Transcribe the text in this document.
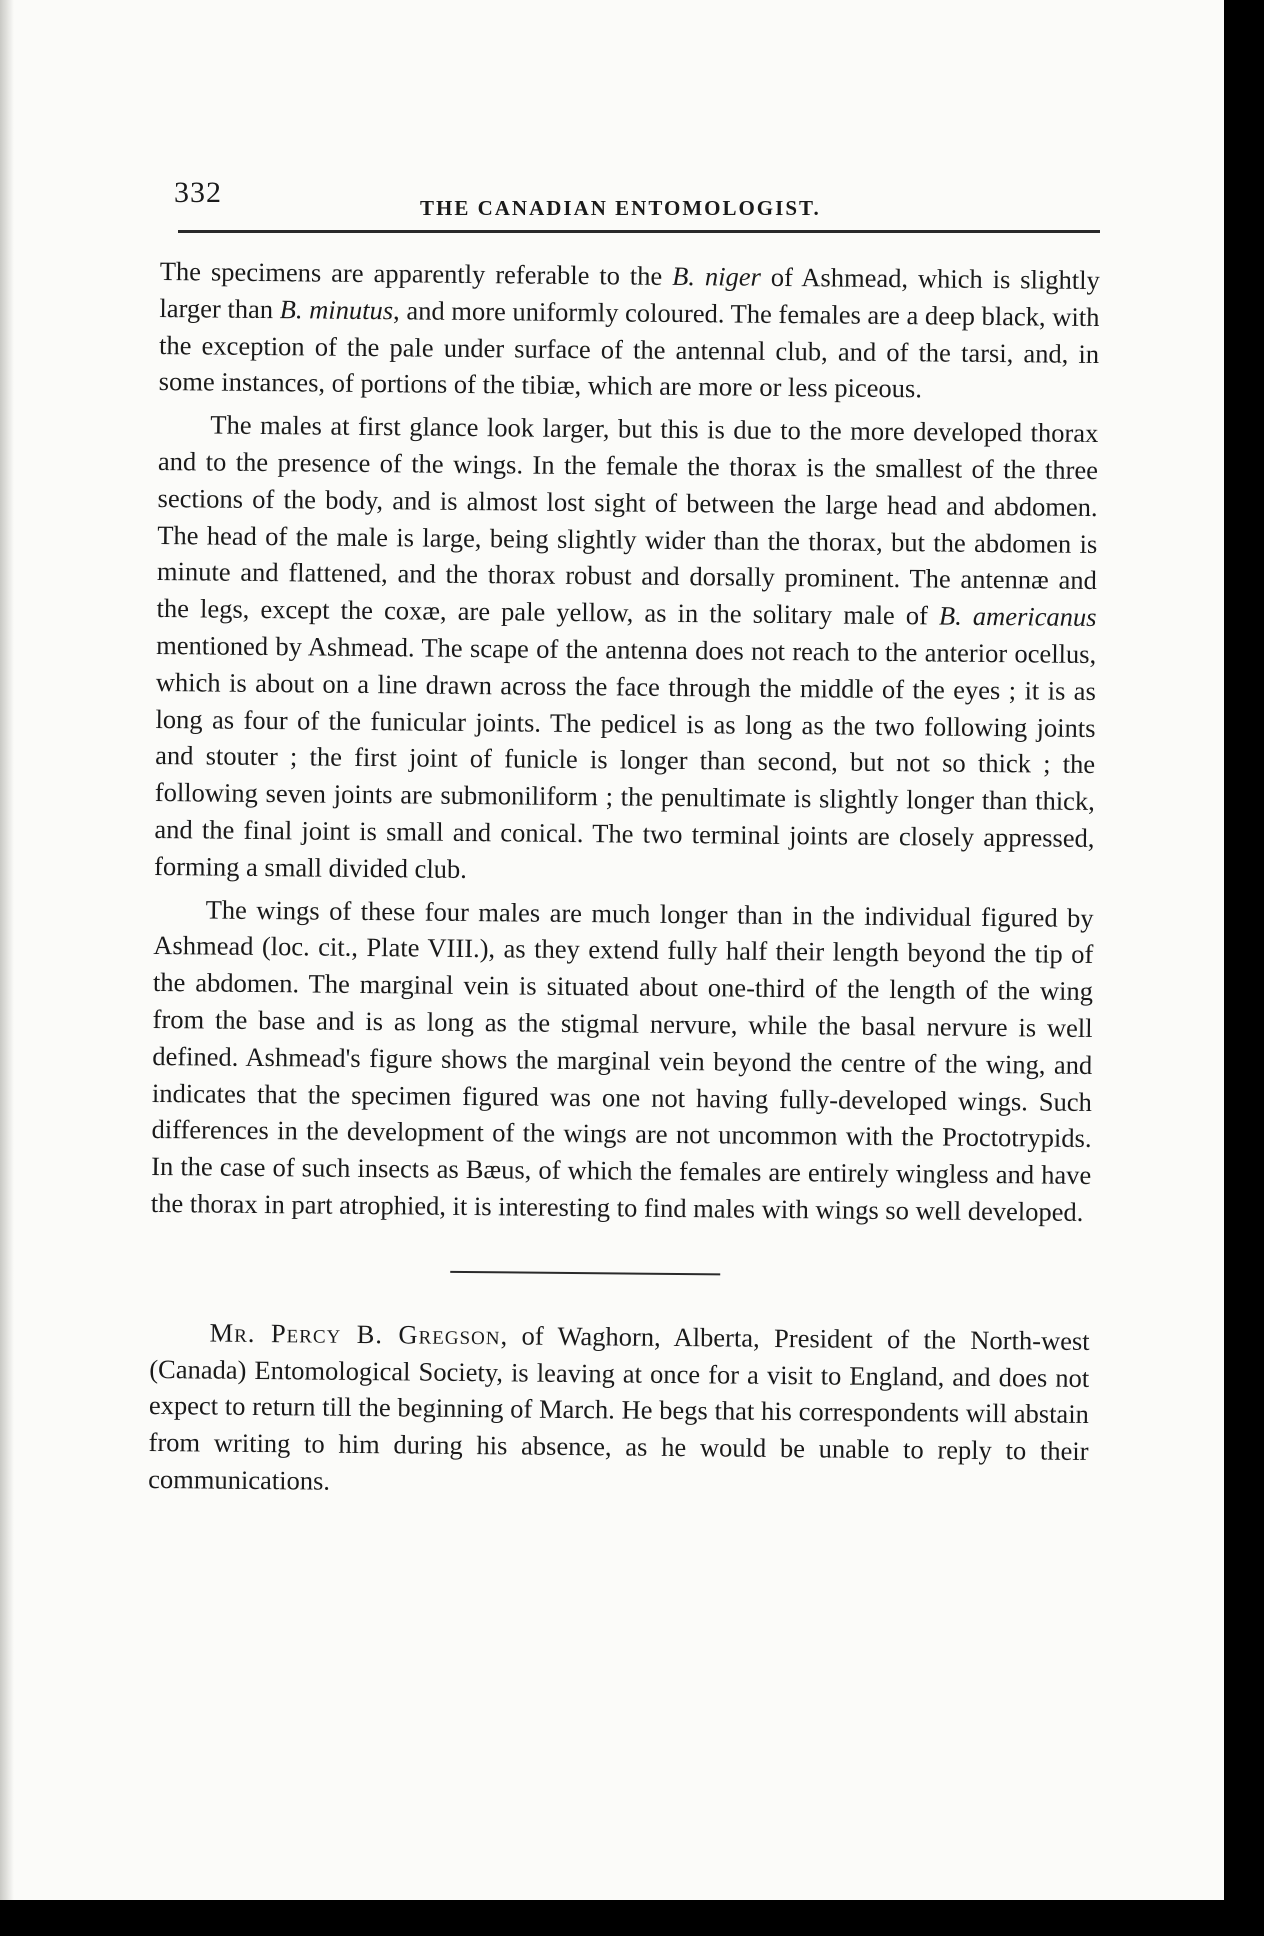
332	THE CANADIAN ENTOMOLOGIST.

The specimens are apparently referable to the B. niger of Ashmead, which is slightly larger than B. minutus, and more uniformly coloured. The females are a deep black, with the exception of the pale under surface of the antennal club, and of the tarsi, and, in some instances, of portions of the tibiæ, which are more or less piceous.

The males at first glance look larger, but this is due to the more developed thorax and to the presence of the wings. In the female the thorax is the smallest of the three sections of the body, and is almost lost sight of between the large head and abdomen. The head of the male is large, being slightly wider than the thorax, but the abdomen is minute and flattened, and the thorax robust and dorsally prominent. The antennæ and the legs, except the coxæ, are pale yellow, as in the solitary male of B. americanus mentioned by Ashmead. The scape of the antenna does not reach to the anterior ocellus, which is about on a line drawn across the face through the middle of the eyes ; it is as long as four of the funicular joints. The pedicel is as long as the two following joints and stouter ; the first joint of funicle is longer than second, but not so thick ; the following seven joints are submoniliform ; the penultimate is slightly longer than thick, and the final joint is small and conical. The two terminal joints are closely appressed, forming a small divided club.

The wings of these four males are much longer than in the individual figured by Ashmead (loc. cit., Plate VIII.), as they extend fully half their length beyond the tip of the abdomen. The marginal vein is situated about one-third of the length of the wing from the base and is as long as the stigmal nervure, while the basal nervure is well defined. Ashmead's figure shows the marginal vein beyond the centre of the wing, and indicates that the specimen figured was one not having fully-developed wings. Such differences in the development of the wings are not uncommon with the Proctotrypids. In the case of such insects as Bæus, of which the females are entirely wingless and have the thorax in part atrophied, it is interesting to find males with wings so well developed.

Mr. Percy B. Gregson, of Waghorn, Alberta, President of the North-west (Canada) Entomological Society, is leaving at once for a visit to England, and does not expect to return till the beginning of March. He begs that his correspondents will abstain from writing to him during his absence, as he would be unable to reply to their communications.
